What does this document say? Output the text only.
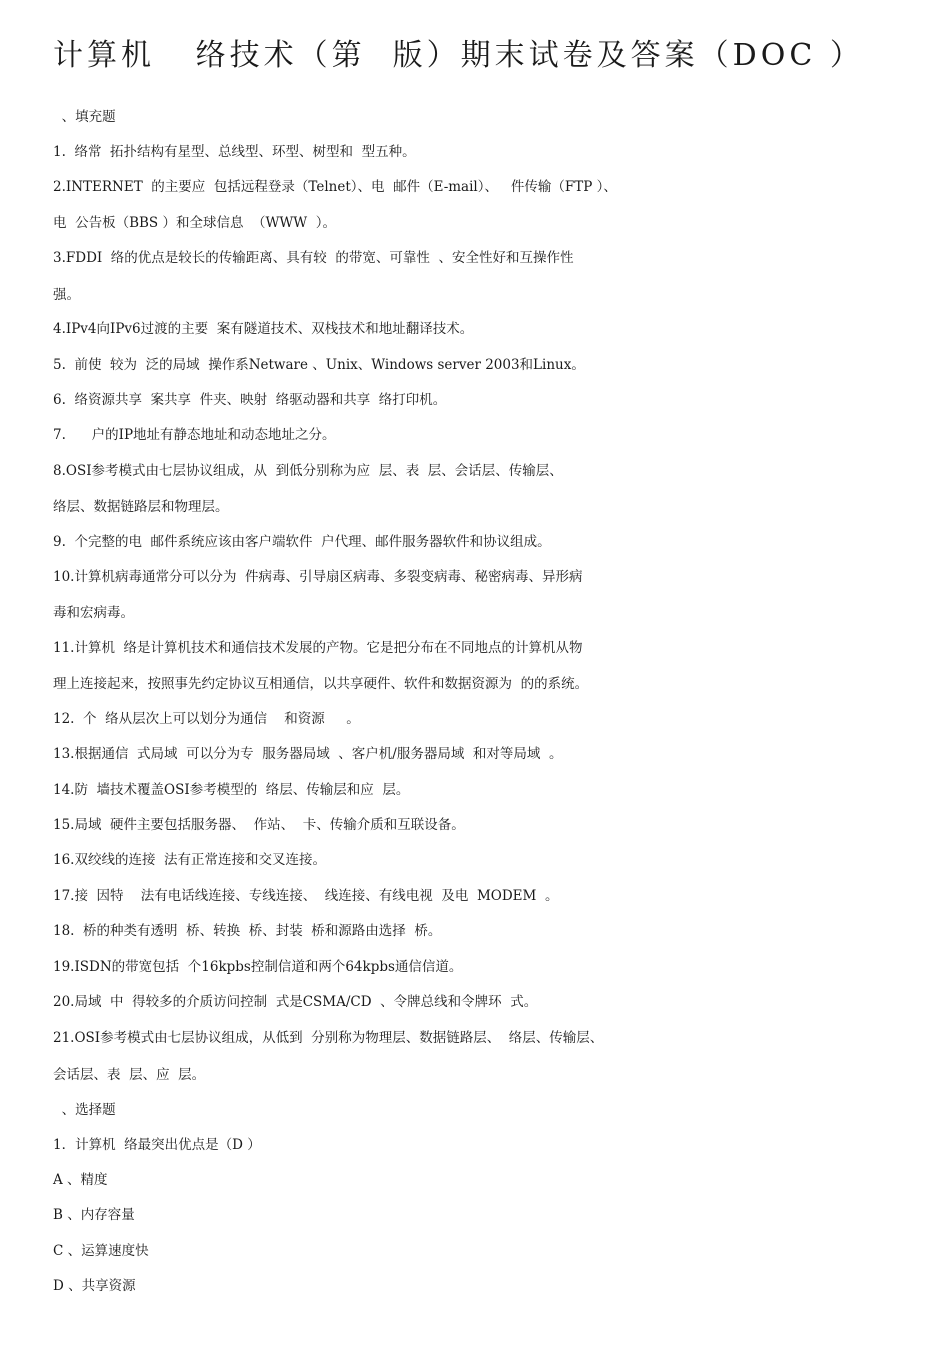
计算机   络技术（第  版）期末试卷及答案（DOC ）
、填充题
1.  络常  拓扑结构有星型、总线型、环型、树型和  型五种。
2.INTERNET  的主要应  包括远程登录（Telnet）、电  邮件（E-mail）、   件传输（FTP ）、
电  公告板（BBS ）和全球信息  （WWW  ）。
3.FDDI  络的优点是较长的传输距离、具有较  的带宽、可靠性  、安全性好和互操作性
强。
4.IPv4向IPv6过渡的主要  案有隧道技术、双栈技术和地址翻译技术。
5.  前使  较为  泛的局域  操作系Netware 、Unix、Windows server 2003和Linux。
6.  络资源共享  案共享  件夹、映射  络驱动器和共享  络打印机。
7.      户的IP地址有静态地址和动态地址之分。
8.OSI参考模式由七层协议组成，从  到低分别称为应  层、表  层、会话层、传输层、
络层、数据链路层和物理层。
9.  个完整的电  邮件系统应该由客户端软件  户代理、邮件服务器软件和协议组成。
10.计算机病毒通常分可以分为  件病毒、引导扇区病毒、多裂变病毒、秘密病毒、异形病
毒和宏病毒。
11.计算机  络是计算机技术和通信技术发展的产物。它是把分布在不同地点的计算机从物
理上连接起来，按照事先约定协议互相通信，以共享硬件、软件和数据资源为  的的系统。
12.  个  络从层次上可以划分为通信    和资源     。
13.根据通信  式局域  可以分为专  服务器局域  、客户机/服务器局域  和对等局域  。
14.防  墙技术覆盖OSI参考模型的  络层、传输层和应  层。
15.局域  硬件主要包括服务器、  作站、  卡、传输介质和互联设备。
16.双绞线的连接  法有正常连接和交叉连接。
17.接  因特    法有电话线连接、专线连接、  线连接、有线电视  及电  MODEM  。
18.  桥的种类有透明  桥、转换  桥、封装  桥和源路由选择  桥。
19.ISDN的带宽包括  个16kpbs控制信道和两个64kpbs通信信道。
20.局域  中  得较多的介质访问控制  式是CSMA/CD  、令牌总线和令牌环  式。
21.OSI参考模式由七层协议组成，从低到  分别称为物理层、数据链路层、  络层、传输层、
会话层、表  层、应  层。
、选择题
1．计算机  络最突出优点是（D ）
A 、精度
B 、内存容量
C 、运算速度快
D 、共享资源
